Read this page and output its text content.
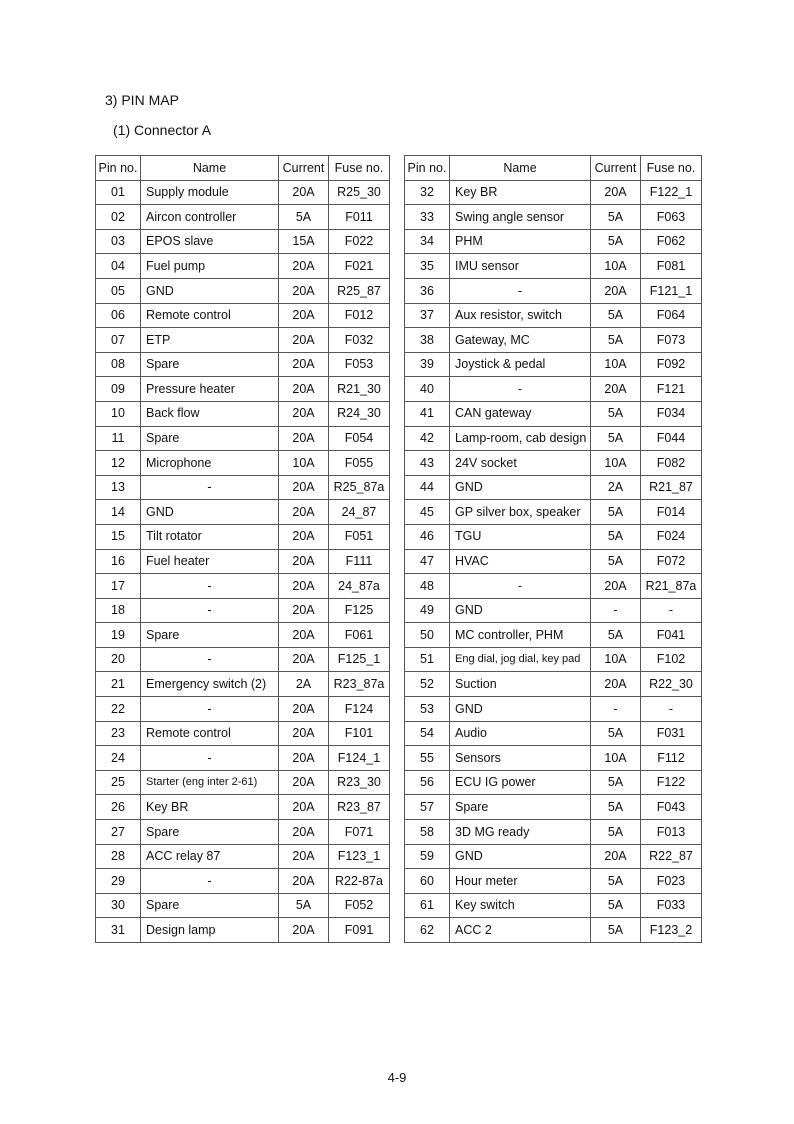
3) PIN MAP
(1) Connector A
Pin no.	Name	Current	Fuse no.
01	Supply module	20A	R25_30
02	Aircon controller	5A	F011
03	EPOS slave	15A	F022
04	Fuel pump	20A	F021
05	GND	20A	R25_87
06	Remote control	20A	F012
07	ETP	20A	F032
08	Spare	20A	F053
09	Pressure heater	20A	R21_30
10	Back flow	20A	R24_30
11	Spare	20A	F054
12	Microphone	10A	F055
13	-	20A	R25_87a
14	GND	20A	24_87
15	Tilt rotator	20A	F051
16	Fuel heater	20A	F111
17	-	20A	24_87a
18	-	20A	F125
19	Spare	20A	F061
20	-	20A	F125_1
21	Emergency switch (2)	2A	R23_87a
22	-	20A	F124
23	Remote control	20A	F101
24	-	20A	F124_1
25	Starter (eng inter 2-61)	20A	R23_30
26	Key BR	20A	R23_87
27	Spare	20A	F071
28	ACC relay 87	20A	F123_1
29	-	20A	R22-87a
30	Spare	5A	F052
31	Design lamp	20A	F091
Pin no.	Name	Current	Fuse no.
32	Key BR	20A	F122_1
33	Swing angle sensor	5A	F063
34	PHM	5A	F062
35	IMU sensor	10A	F081
36	-	20A	F121_1
37	Aux resistor, switch	5A	F064
38	Gateway, MC	5A	F073
39	Joystick & pedal	10A	F092
40	-	20A	F121
41	CAN gateway	5A	F034
42	Lamp-room, cab design	5A	F044
43	24V socket	10A	F082
44	GND	2A	R21_87
45	GP silver box, speaker	5A	F014
46	TGU	5A	F024
47	HVAC	5A	F072
48	-	20A	R21_87a
49	GND	-	-
50	MC controller, PHM	5A	F041
51	Eng dial, jog dial, key pad	10A	F102
52	Suction	20A	R22_30
53	GND	-	-
54	Audio	5A	F031
55	Sensors	10A	F112
56	ECU IG power	5A	F122
57	Spare	5A	F043
58	3D MG ready	5A	F013
59	GND	20A	R22_87
60	Hour meter	5A	F023
61	Key switch	5A	F033
62	ACC 2	5A	F123_2
4-9
